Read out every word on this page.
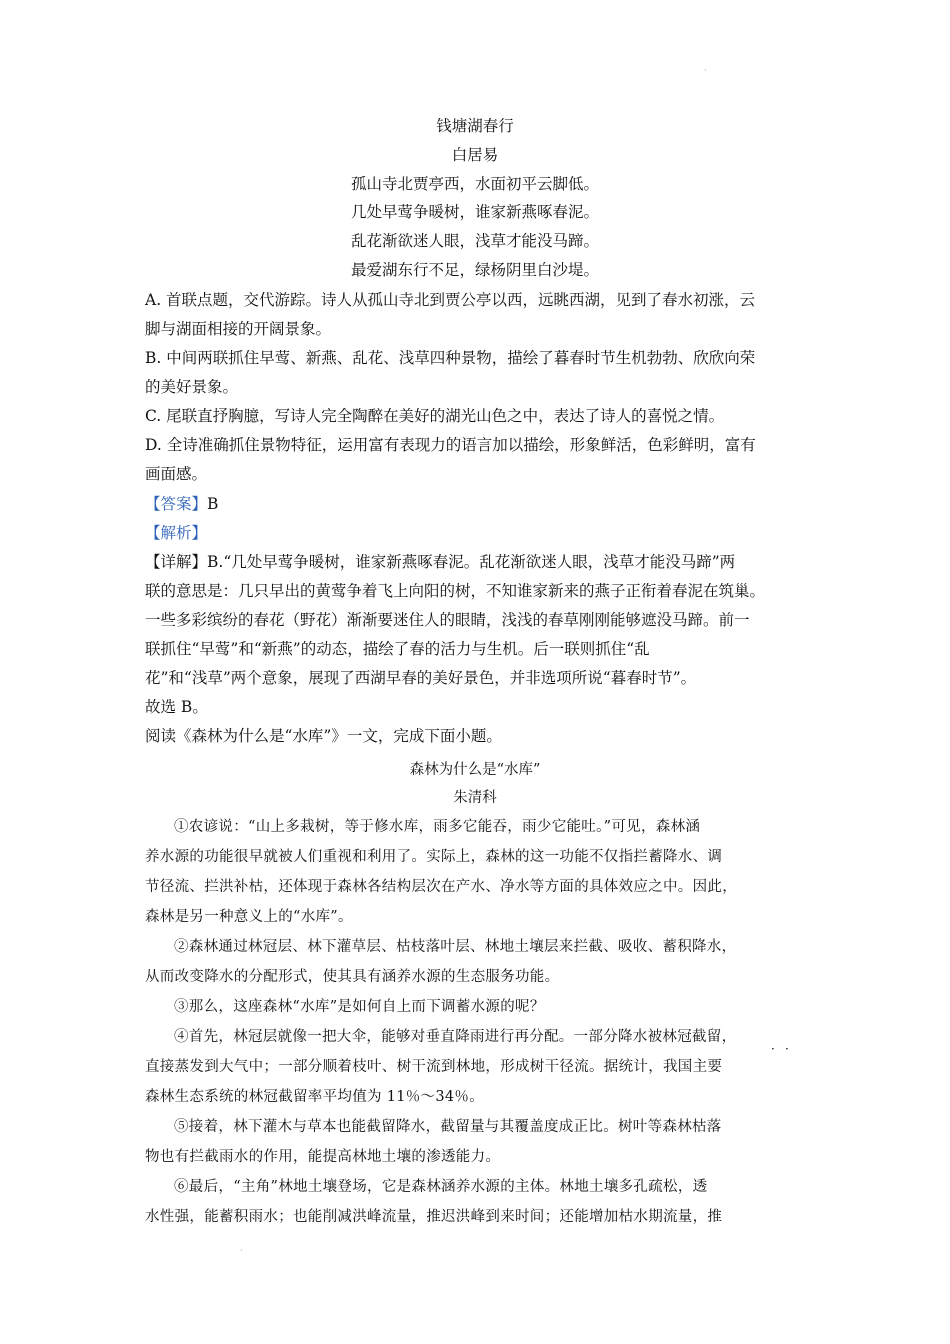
·
钱塘湖春行
白居易
孤山寺北贾亭西，水面初平云脚低。
几处早莺争暖树，谁家新燕啄春泥。
乱花渐欲迷人眼，浅草才能没马蹄。
最爱湖东行不足，绿杨阴里白沙堤。

A. 首联点题，交代游踪。诗人从孤山寺北到贾公亭以西，远眺西湖，见到了春水初涨，云

脚与湖面相接的开阔景象。

B. 中间两联抓住早莺、新燕、乱花、浅草四种景物，描绘了暮春时节生机勃勃、欣欣向荣

的美好景象。

C. 尾联直抒胸臆，写诗人完全陶醉在美好的湖光山色之中，表达了诗人的喜悦之情。

D. 全诗准确抓住景物特征，运用富有表现力的语言加以描绘，形象鲜活，色彩鲜明，富有

画面感。

【答案】B

【解析】

【详解】B.“几处早莺争暖树，谁家新燕啄春泥。乱花渐欲迷人眼，浅草才能没马蹄”两

联的意思是：几只早出的黄莺争着飞上向阳的树，不知谁家新来的燕子正衔着春泥在筑巢。

一些多彩缤纷的春花（野花）渐渐要迷住人的眼睛，浅浅的春草刚刚能够遮没马蹄。前一

联抓住“早莺”和“新燕”的动态，描绘了春的活力与生机。后一联则抓住“乱

花”和“浅草”两个意象，展现了西湖早春的美好景色，并非选项所说“暮春时节”。

故选 B。

阅读《森林为什么是“水库”》一文，完成下面小题。

森林为什么是“水库”
朱清科

①农谚说：“山上多栽树，等于修水库，雨多它能吞，雨少它能吐。”可见，森林涵

养水源的功能很早就被人们重视和利用了。实际上，森林的这一功能不仅指拦蓄降水、调

节径流、拦洪补枯，还体现于森林各结构层次在产水、净水等方面的具体效应之中。因此，

森林是另一种意义上的“水库”。

②森林通过林冠层、林下灌草层、枯枝落叶层、林地土壤层来拦截、吸收、蓄积降水，

从而改变降水的分配形式，使其具有涵养水源的生态服务功能。

③那么，这座森林“水库”是如何自上而下调蓄水源的呢？

④首先，林冠层就像一把大伞，能够对垂直降雨进行再分配。一部分降水被林冠截留，

直接蒸发到大气中；一部分顺着枝叶、树干流到林地，形成树干径流。据统计，我国主要

森林生态系统的林冠截留率平均值为 11％～34％。

· ·

⑤接着，林下灌木与草本也能截留降水，截留量与其覆盖度成正比。树叶等森林枯落

物也有拦截雨水的作用，能提高林地土壤的渗透能力。

⑥最后，“主角”林地土壤登场，它是森林涵养水源的主体。林地土壤多孔疏松，透

水性强，能蓄积雨水；也能削减洪峰流量，推迟洪峰到来时间；还能增加枯水期流量，推

·
